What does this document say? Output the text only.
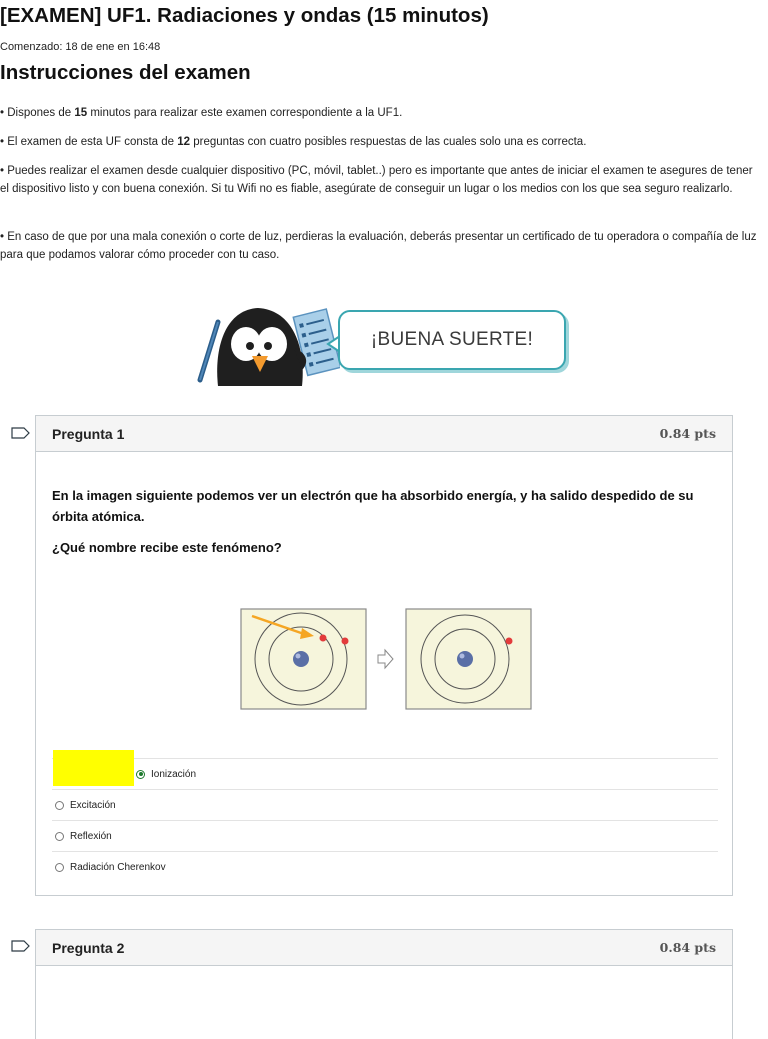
[EXAMEN] UF1. Radiaciones y ondas (15 minutos)
Comenzado: 18 de ene en 16:48
Instrucciones del examen
• Dispones de 15 minutos para realizar este examen correspondiente a la UF1.
• El examen de esta UF consta de 12 preguntas con cuatro posibles respuestas de las cuales solo una es correcta.
• Puedes realizar el examen desde cualquier dispositivo (PC, móvil, tablet..) pero es importante que antes de iniciar el examen te asegures de tener el dispositivo listo y con buena conexión. Si tu Wifi no es fiable, asegúrate de conseguir un lugar o los medios con los que sea seguro realizarlo.
• En caso de que por una mala conexión o corte de luz, perdieras la evaluación, deberás presentar un certificado de tu operadora o compañía de luz para que podamos valorar cómo proceder con tu caso.
¡BUENA SUERTE!
Pregunta 1	0.84 pts
En la imagen siguiente podemos ver un electrón que ha absorbido energía, y ha salido despedido de su órbita atómica.
¿Qué nombre recibe este fenómeno?
Ionización
Excitación
Reflexión
Radiación Cherenkov
Pregunta 2	0.84 pts
